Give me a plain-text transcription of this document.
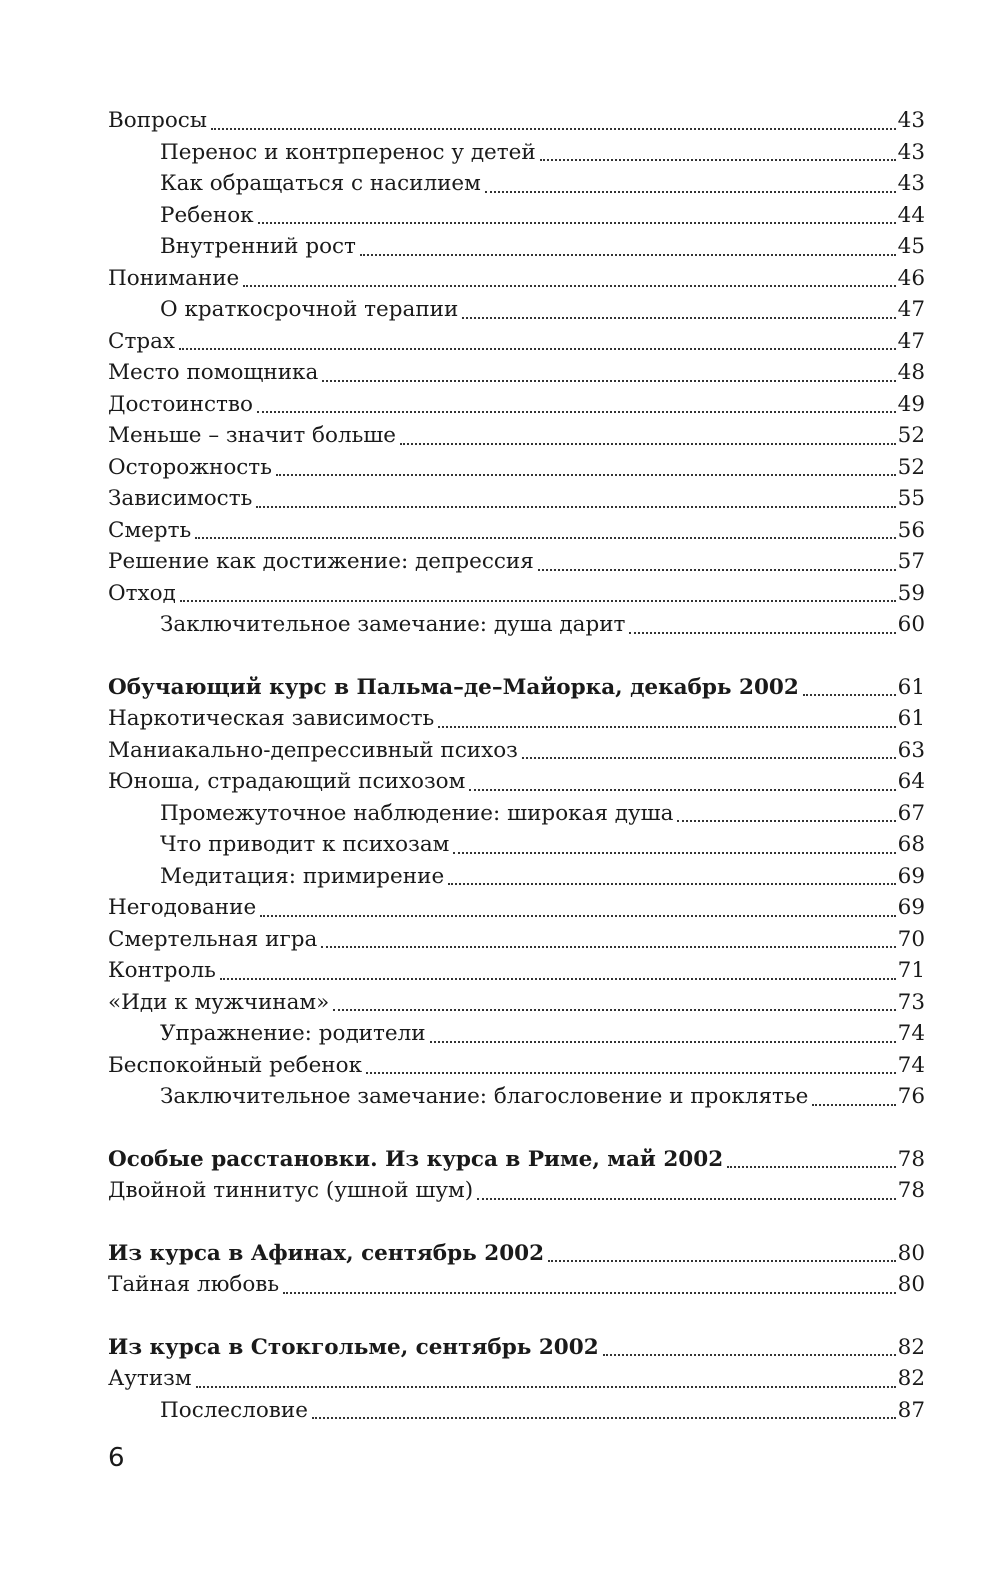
Вопросы	43
Перенос и контрперенос у детей	43
Как обращаться с насилием	43
Ребенок	44
Внутренний рост	45
Понимание	46
О краткосрочной терапии	47
Страх	47
Место помощника	48
Достоинство	49
Меньше – значит больше	52
Осторожность	52
Зависимость	55
Смерть	56
Решение как достижение: депрессия	57
Отход	59
Заключительное замечание: душа дарит	60
Обучающий курс в Пальма–де–Майорка, декабрь 2002	61
Наркотическая зависимость	61
Маниакально-депрессивный психоз	63
Юноша, страдающий психозом	64
Промежуточное наблюдение: широкая душа	67
Что приводит к психозам	68
Медитация: примирение	69
Негодование	69
Смертельная игра	70
Контроль	71
«Иди к мужчинам»	73
Упражнение: родители	74
Беспокойный ребенок	74
Заключительное замечание: благословение и проклятье	76
Особые расстановки. Из курса в Риме, май 2002	78
Двойной тиннитус (ушной шум)	78
Из курса в Афинах, сентябрь 2002	80
Тайная любовь	80
Из курса в Стокгольме, сентябрь 2002	82
Аутизм	82
Послесловие	87
6
